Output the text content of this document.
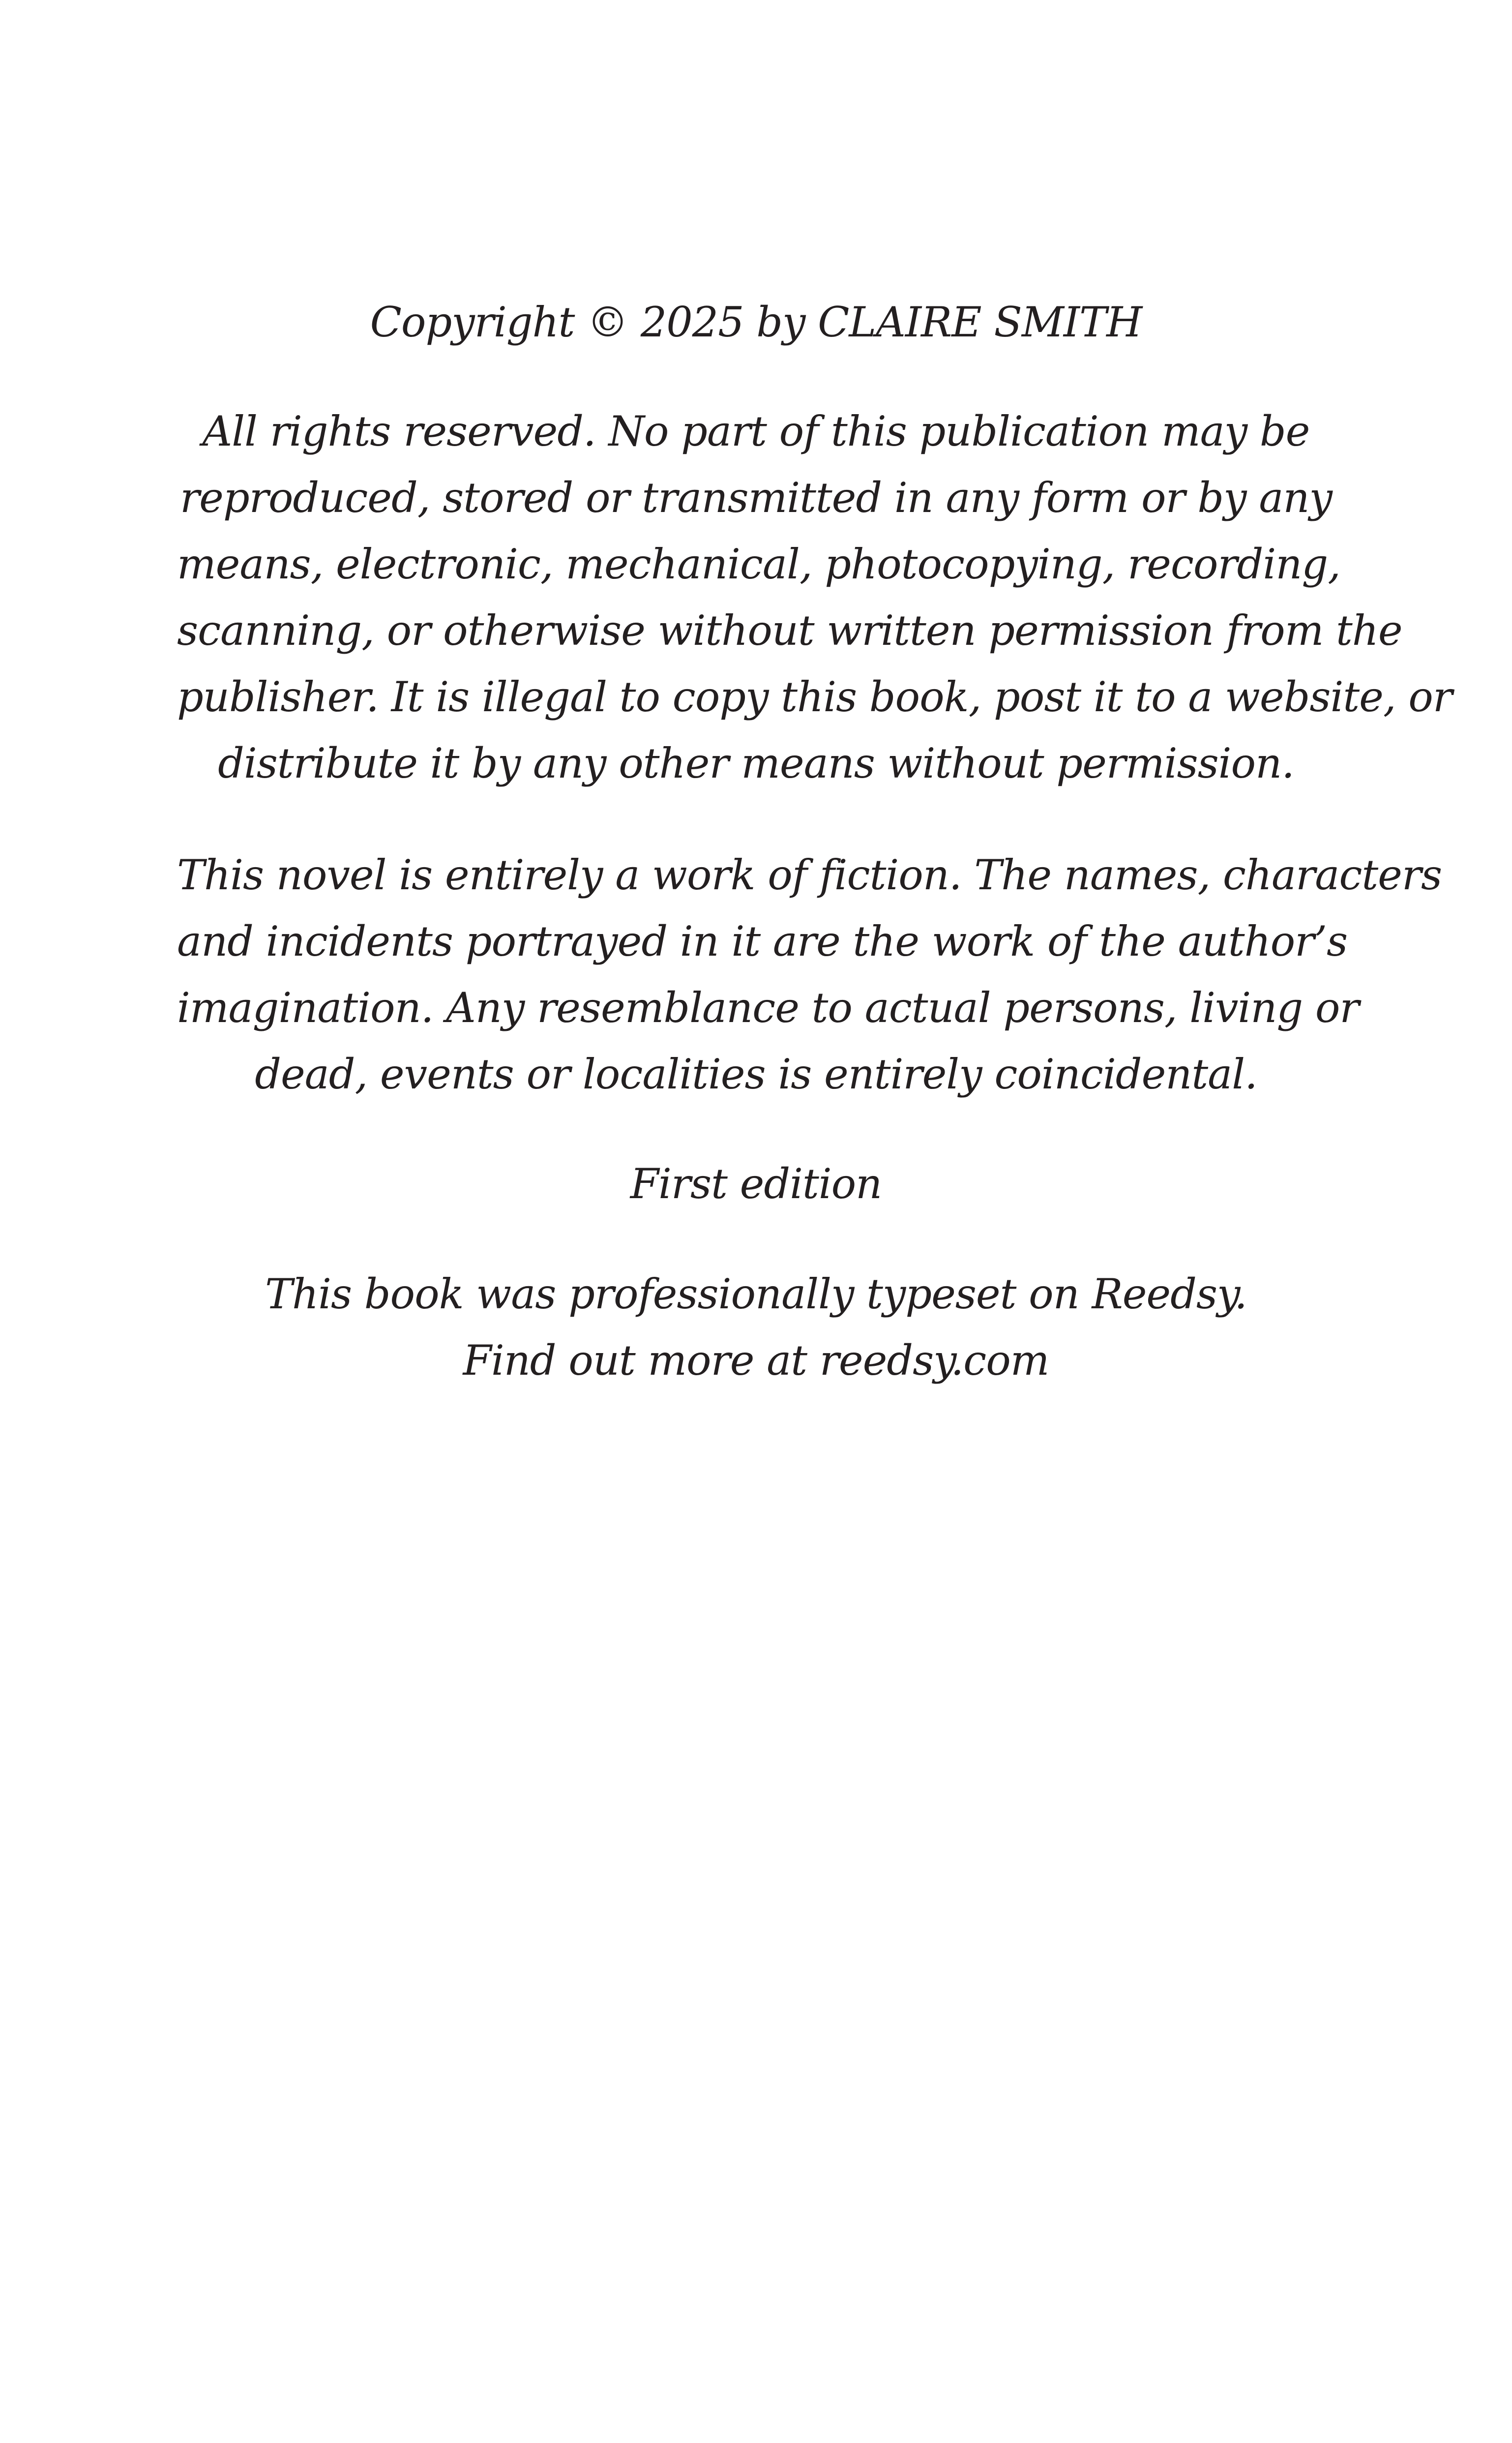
Copyright © 2025 by CLAIRE SMITH
All rights reserved. No part of this publication may be
reproduced, stored or transmitted in any form or by any
means, electronic, mechanical, photocopying, recording,
scanning, or otherwise without written permission from the
publisher. It is illegal to copy this book, post it to a website, or
distribute it by any other means without permission.
This novel is entirely a work of fiction. The names, characters
and incidents portrayed in it are the work of the author’s
imagination. Any resemblance to actual persons, living or
dead, events or localities is entirely coincidental.
First edition
This book was professionally typeset on Reedsy.
Find out more at reedsy.com
